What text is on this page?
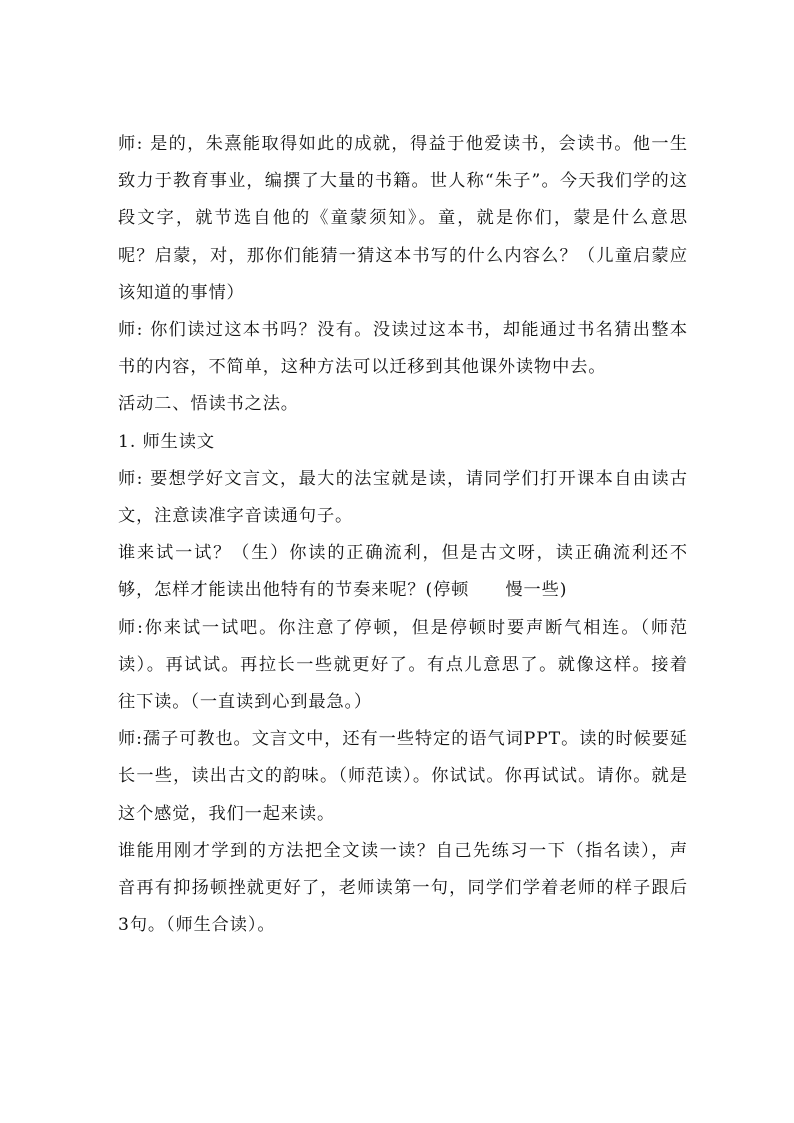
师: 是的，朱熹能取得如此的成就，得益于他爱读书，会读书。他一生致力于教育事业，编撰了大量的书籍。世人称“朱子”。今天我们学的这段文字，就节选自他的《童蒙须知》。童，就是你们，蒙是什么意思呢？启蒙，对，那你们能猜一猜这本书写的什么内容么？（儿童启蒙应该知道的事情）

师: 你们读过这本书吗？没有。没读过这本书，却能通过书名猜出整本书的内容，不简单，这种方法可以迁移到其他课外读物中去。

活动二、悟读书之法。

1. 师生读文

师: 要想学好文言文，最大的法宝就是读，请同学们打开课本自由读古文，注意读准字音读通句子。

谁来试一试？（生）你读的正确流利，但是古文呀，读正确流利还不够，怎样才能读出他特有的节奏来呢？(停顿　　慢一些)

师:你来试一试吧。你注意了停顿，但是停顿时要声断气相连。（师范读）。再试试。再拉长一些就更好了。有点儿意思了。就像这样。接着往下读。（一直读到心到最急。）

师:孺子可教也。文言文中，还有一些特定的语气词PPT。读的时候要延长一些，读出古文的韵味。（师范读）。你试试。你再试试。请你。就是这个感觉，我们一起来读。

谁能用刚才学到的方法把全文读一读？自己先练习一下（指名读），声音再有抑扬顿挫就更好了，老师读第一句，同学们学着老师的样子跟后3句。（师生合读）。
